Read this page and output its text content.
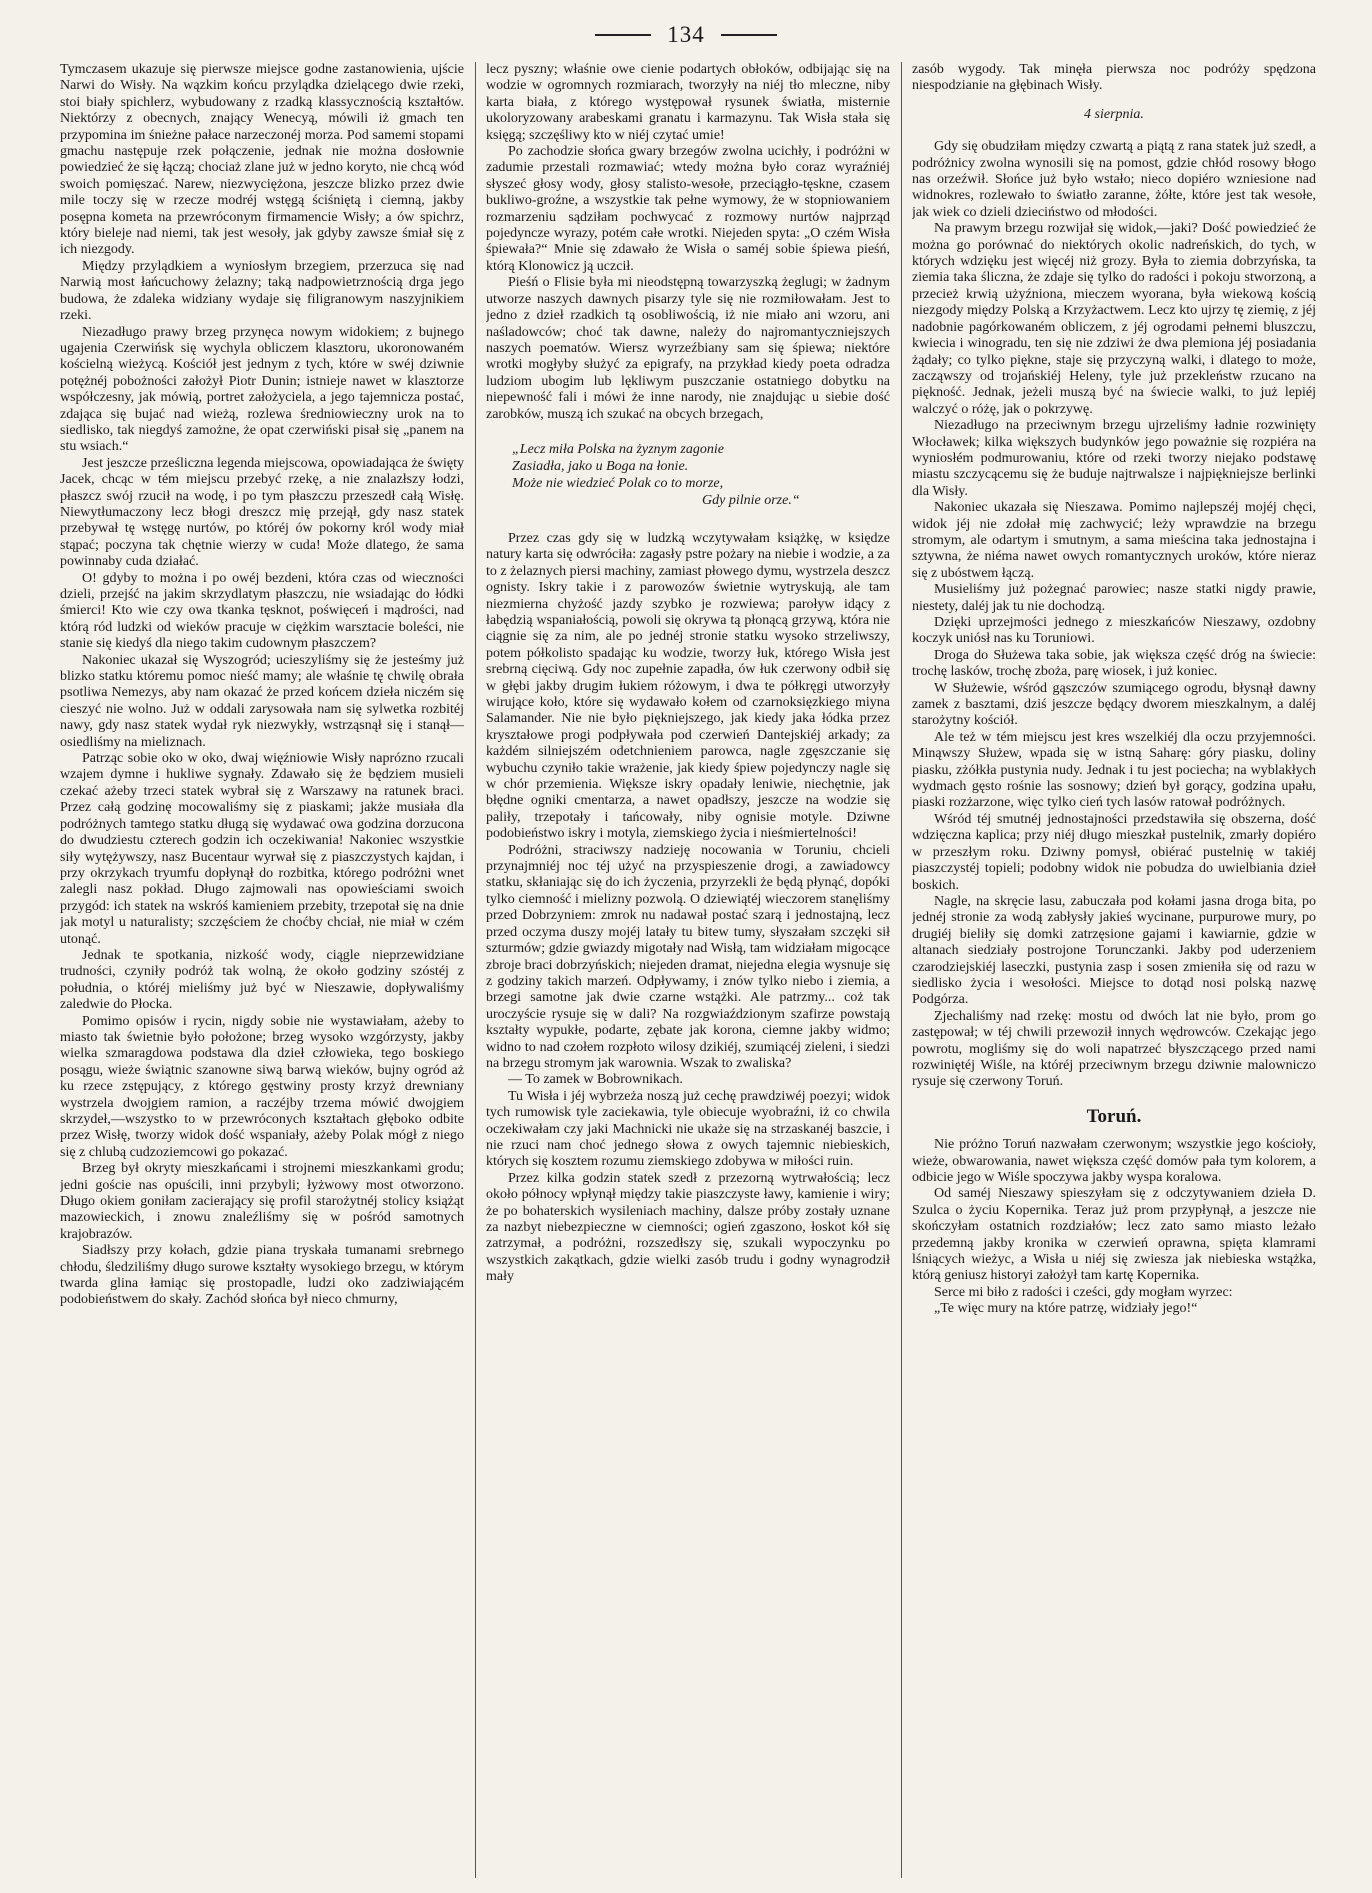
134

Tymczasem ukazuje się pierwsze miejsce godne zastanowienia, ujście Narwi do Wisły. Na wązkim końcu przylądka dzielącego dwie rzeki, stoi biały spichlerz, wybudowany z rzadką klassycznością kształtów. Niektórzy z obecnych, znający Wenecyą, mówili iż gmach ten przypomina im śnieżne pałace narzeczonéj morza. Pod samemi stopami gmachu następuje rzek połączenie, jednak nie można dosłownie powiedzieć że się łączą; chociaż zlane już w jedno koryto, nie chcą wód swoich pomięszać. Narew, niezwyciężona, jeszcze blizko przez dwie mile toczy się w rzecze modréj wstęgą ściśniętą i ciemną, jakby posępna kometa na przewróconym firmamencie Wisły; a ów spichrz, który bieleje nad niemi, tak jest wesoły, jak gdyby zawsze śmiał się z ich niezgody.

Między przylądkiem a wyniosłym brzegiem, przerzuca się nad Narwią most łańcuchowy żelazny; taką nadpowietrznością drga jego budowa, że zdaleka widziany wydaje się filigranowym naszyjnikiem rzeki.

Niezadługo prawy brzeg przynęca nowym widokiem; z bujnego ugajenia Czerwińsk się wychyla obliczem klasztoru, ukoronowaném kościelną wieżycą. Kościół jest jednym z tych, które w swéj dziwnie potężnéj pobożności założył Piotr Dunin; istnieje nawet w klasztorze współczesny, jak mówią, portret założyciela, a jego tajemnicza postać, zdająca się bujać nad wieżą, rozlewa średniowieczny urok na to siedlisko, tak niegdyś zamożne, że opat czerwiński pisał się „panem na stu wsiach.“

Jest jeszcze prześliczna legenda miejscowa, opowiadająca że święty Jacek, chcąc w tém miejscu przebyć rzekę, a nie znalazłszy łodzi, płaszcz swój rzucił na wodę, i po tym płaszczu przeszedł całą Wisłę. Niewytłumaczony lecz błogi dreszcz mię przejął, gdy nasz statek przebywał tę wstęgę nurtów, po któréj ów pokorny król wody miał stąpać; poczyna tak chętnie wierzy w cuda! Może dlatego, że sama powinnaby cuda działać.

O! gdyby to można i po owéj bezdeni, która czas od wieczności dzieli, przejść na jakim skrzydlatym płaszczu, nie wsiadając do łódki śmierci! Kto wie czy owa tkanka tęsknot, poświęceń i mądrości, nad którą ród ludzki od wieków pracuje w ciężkim warsztacie boleści, nie stanie się kiedyś dla niego takim cudownym płaszczem?

Nakoniec ukazał się Wyszogród; ucieszyliśmy się że jesteśmy już blizko statku któremu pomoc nieść mamy; ale właśnie tę chwilę obrała psotliwa Nemezys, aby nam okazać że przed końcem dzieła niczém się cieszyć nie wolno. Już w oddali zarysowała nam się sylwetka rozbitéj nawy, gdy nasz statek wydał ryk niezwykły, wstrząsnął się i stanął—osiedliśmy na mieliznach.

Patrząc sobie oko w oko, dwaj więźniowie Wisły naprózno rzucali wzajem dymne i hukliwe sygnały. Zdawało się że będziem musieli czekać ażeby trzeci statek wybrał się z Warszawy na ratunek braci. Przez całą godzinę mocowaliśmy się z piaskami; jakże musiała dla podróżnych tamtego statku długą się wydawać owa godzina dorzucona do dwudziestu czterech godzin ich oczekiwania! Nakoniec wszystkie siły wytężywszy, nasz Bucentaur wyrwał się z piaszczystych kajdan, i przy okrzykach tryumfu dopłynął do rozbitka, którego podróżni wnet zalegli nasz pokład. Długo zajmowali nas opowieściami swoich przygód: ich statek na wskróś kamieniem przebity, trzepotał się na dnie jak motyl u naturalisty; szczęściem że choćby chciał, nie miał w czém utonąć.

Jednak te spotkania, nizkość wody, ciągle nieprzewidziane trudności, czyniły podróż tak wolną, że około godziny szóstéj z południa, o któréj mieliśmy już być w Nieszawie, dopływaliśmy zaledwie do Płocka.

Pomimo opisów i rycin, nigdy sobie nie wystawiałam, ażeby to miasto tak świetnie było położone; brzeg wysoko wzgórzysty, jakby wielka szmaragdowa podstawa dla dzieł człowieka, tego boskiego posągu, wieże świątnic szanowne siwą barwą wieków, bujny ogród aż ku rzece zstępujący, z którego gęstwiny prosty krzyż drewniany wystrzela dwojgiem ramion, a raczéjby trzema mówić dwojgiem skrzydeł,—wszystko to w przewróconych kształtach głęboko odbite przez Wisłę, tworzy widok dość wspaniały, ażeby Polak mógł z niego się z chlubą cudzoziemcowi go pokazać.

Brzeg był okryty mieszkańcami i strojnemi mieszkankami grodu; jedni goście nas opuścili, inni przybyli; łyżwowy most otworzono. Długo okiem goniłam zacierający się profil starożytnéj stolicy książąt mazowieckich, i znowu znaleźliśmy się w pośród samotnych krajobrazów.

Siadłszy przy kołach, gdzie piana tryskała tumanami srebrnego chłodu, śledziliśmy długo surowe kształty wysokiego brzegu, w którym twarda glina łamiąc się prostopadle, ludzi oko zadziwiającém podobieństwem do skały. Zachód słońca był nieco chmurny,

lecz pyszny; właśnie owe cienie podartych obłoków, odbijając się na wodzie w ogromnych rozmiarach, tworzyły na niéj tło mleczne, niby karta biała, z którego występował rysunek światła, misternie ukoloryzowany arabeskami granatu i karmazynu. Tak Wisła stała się księgą; szczęśliwy kto w niéj czytać umie!

Po zachodzie słońca gwary brzegów zwolna ucichły, i podróżni w zadumie przestali rozmawiać; wtedy można było coraz wyraźniéj słyszeć głosy wody, głosy stalisto-wesołe, przeciągło-tęskne, czasem bukliwo-groźne, a wszystkie tak pełne wymowy, że w stopniowaniem rozmarzeniu sądziłam pochwycać z rozmowy nurtów najprząd pojedyncze wyrazy, potém całe wrotki. Niejeden spyta: „O czém Wisła śpiewała?“ Mnie się zdawało że Wisła o saméj sobie śpiewa pieśń, którą Klonowicz ją uczcił.

Pieśń o Flisie była mi nieodstępną towarzyszką żeglugi; w żadnym utworze naszych dawnych pisarzy tyle się nie rozmiłowałam. Jest to jedno z dzieł rzadkich tą osobliwością, iż nie miało ani wzoru, ani naśladowców; choć tak dawne, należy do najromantyczniejszych naszych poematów. Wiersz wyrzeźbiany sam się śpiewa; niektóre wrotki mogłyby służyć za epigrafy, na przykład kiedy poeta odradza ludziom ubogim lub lękliwym puszczanie ostatniego dobytku na niepewność fali i mówi że inne narody, nie znajdując u siebie dość zarobków, muszą ich szukać na obcych brzegach,

„Lecz miła Polska na żyznym zagonie
Zasiadła, jako u Boga na łonie.
Może nie wiedzieć Polak co to morze,
Gdy pilnie orze.“

Przez czas gdy się w ludzką wczytywałam książkę, w księdze natury karta się odwróciła: zagasły pstre pożary na niebie i wodzie, a za to z żelaznych piersi machiny, zamiast płowego dymu, wystrzela deszcz ognisty. Iskry takie i z parowozów świetnie wytryskują, ale tam niezmierna chyżość jazdy szybko je rozwiewa; paroływ idący z łabędzią wspaniałością, powoli się okrywa tą płonącą grzywą, która nie ciągnie się za nim, ale po jednéj stronie statku wysoko strzeliwszy, potem półkolisto spadając ku wodzie, tworzy łuk, którego Wisła jest srebrną cięciwą. Gdy noc zupełnie zapadła, ów łuk czerwony odbił się w głębi jakby drugim łukiem różowym, i dwa te półkręgi utworzyły wirujące koło, które się wydawało kołem od czarnoksięzkiego miyna Salamander. Nie nie było piękniejszego, jak kiedy jaka łódka przez kryształowe progi podpływała pod czerwień Dantejskiéj arkady; za każdém silniejszém odetchnieniem parowca, nagle zgęszczanie się wybuchu czyniło takie wrażenie, jak kiedy śpiew pojedynczy nagle się w chór przemienia. Większe iskry opadały leniwie, niechętnie, jak błędne ogniki cmentarza, a nawet opadłszy, jeszcze na wodzie się paliły, trzepotały i tańcowały, niby ognisie motyle. Dziwne podobieństwo iskry i motyla, ziemskiego życia i nieśmiertelności!

Podróżni, straciwszy nadzieję nocowania w Toruniu, chcieli przynajmniéj noc téj użyć na przyspieszenie drogi, a zawiadowcy statku, skłaniając się do ich życzenia, przyrzekli że będą płynąć, dopóki tylko ciemność i mielizny pozwolą. O dziewiątéj wieczorem stanęliśmy przed Dobrzyniem: zmrok nu nadawał postać szarą i jednostajną, lecz przed oczyma duszy mojéj latały tu bitew tumy, słyszałam szczęki sił szturmów; gdzie gwiazdy migotały nad Wisłą, tam widziałam migocące zbroje braci dobrzyńskich; niejeden dramat, niejedna elegia wysnuje się z godziny takich marzeń. Odpływamy, i znów tylko niebo i ziemia, a brzegi samotne jak dwie czarne wstążki. Ale patrzmy... coż tak uroczyście rysuje się w dali? Na rozgwiaździonym szafirze powstają kształty wypukłe, podarte, zębate jak korona, ciemne jakby widmo; widno to nad czołem rozpłoto wilosy dzikiéj, szumiącéj zieleni, i siedzi na brzegu stromym jak warownia. Wszak to zwaliska?

— To zamek w Bobrownikach.

Tu Wisła i jéj wybrzeża noszą już cechę prawdziwéj poezyi; widok tych rumowisk tyle zaciekawia, tyle obiecuje wyobraźni, iż co chwila oczekiwałam czy jaki Machnicki nie ukaże się na strzaskanéj baszcie, i nie rzuci nam choć jednego słowa z owych tajemnic niebieskich, których się kosztem rozumu ziemskiego zdobywa w miłości ruin.

Przez kilka godzin statek szedł z przezorną wytrwałością; lecz około północy wpłynął między takie piaszczyste ławy, kamienie i wiry; że po bohaterskich wysileniach machiny, dalsze próby zostały uznane za nazbyt niebezpieczne w ciemności; ogień zgaszono, łoskot kół się zatrzymał, a podróżni, rozszedłszy się, szukali wypoczynku po wszystkich zakątkach, gdzie wielki zasób trudu i godny wynagrodził mały

zasób wygody. Tak minęła pierwsza noc podróży spędzona niespodzianie na głębinach Wisły.

4 sierpnia.

Gdy się obudziłam między czwartą a piątą z rana statek już szedł, a podróżnicy zwolna wynosili się na pomost, gdzie chłód rosowy błogo nas orzeźwił. Słońce już było wstało; nieco dopiéro wzniesione nad widnokres, rozlewało to światło zaranne, żółte, które jest tak wesołe, jak wiek co dzieli dzieciństwo od młodości.

Na prawym brzegu rozwijał się widok,—jaki? Dość powiedzieć że można go porównać do niektórych okolic nadreńskich, do tych, w których wdzięku jest więcéj niż grozy. Była to ziemia dobrzyńska, ta ziemia taka śliczna, że zdaje się tylko do radości i pokoju stworzoną, a przecież krwią użyźniona, mieczem wyorana, była wiekową kością niezgody między Polską a Krzyżactwem. Lecz kto ujrzy tę ziemię, z jéj nadobnie pagórkowaném obliczem, z jéj ogrodami pełnemi bluszczu, kwiecia i winogradu, ten się nie zdziwi że dwa plemiona jéj posiadania żądały; co tylko piękne, staje się przyczyną walki, i dlatego to może, zacząwszy od trojańskiéj Heleny, tyle już przekleństw rzucano na piękność. Jednak, jeżeli muszą być na świecie walki, to już lepiéj walczyć o różę, jak o pokrzywę.

Niezadługo na przeciwnym brzegu ujrzeliśmy ładnie rozwinięty Włocławek; kilka większych budynków jego poważnie się rozpiéra na wyniosłém podmurowaniu, które od rzeki tworzy niejako podstawę miastu szczycącemu się że buduje najtrwalsze i najpiękniejsze berlinki dla Wisły.

Nakoniec ukazała się Nieszawa. Pomimo najlepszéj mojéj chęci, widok jéj nie zdołał mię zachwycić; leży wprawdzie na brzegu stromym, ale odartym i smutnym, a sama mieścina taka jednostajna i sztywna, że niéma nawet owych romantycznych uroków, które nieraz się z ubóstwem łączą.

Musieliśmy już pożegnać parowiec; nasze statki nigdy prawie, niestety, daléj jak tu nie dochodzą.

Dzięki uprzejmości jednego z mieszkańców Nieszawy, ozdobny koczyk uniósł nas ku Toruniowi.

Droga do Służewa taka sobie, jak większa część dróg na świecie: trochę lasków, trochę zboża, parę wiosek, i już koniec.

W Służewie, wśród gąszczów szumiącego ogrodu, błysnął dawny zamek z basztami, dziś jeszcze będący dworem mieszkalnym, a daléj starożytny kościół.

Ale też w tém miejscu jest kres wszelkiéj dla oczu przyjemności. Minąwszy Służew, wpada się w istną Saharę: góry piasku, doliny piasku, zżółkła pustynia nudy. Jednak i tu jest pociecha; na wyblakłych wydmach gęsto rośnie las sosnowy; dzień był gorący, godzina upału, piaski rozżarzone, więc tylko cień tych lasów ratował podróżnych.

Wśród téj smutnéj jednostajności przedstawiła się obszerna, dość wdzięczna kaplica; przy niéj długo mieszkał pustelnik, zmarły dopiéro w przeszłym roku. Dziwny pomysł, obiérać pustelnię w takiéj piaszczystéj topieli; podobny widok nie pobudza do uwielbiania dzieł boskich.

Nagle, na skręcie lasu, zabuczała pod kołami jasna droga bita, po jednéj stronie za wodą zabłysły jakieś wycinane, purpurowe mury, po drugiéj bieliły się domki zatrzęsione gajami i kawiarnie, gdzie w altanach siedziały postrojone Torunczanki. Jakby pod uderzeniem czarodziejskiéj laseczki, pustynia zasp i sosen zmieniła się od razu w siedlisko życia i wesołości. Miejsce to dotąd nosi polską nazwę Podgórza.

Zjechaliśmy nad rzekę: mostu od dwóch lat nie było, prom go zastępował; w téj chwili przewoził innych wędrowców. Czekając jego powrotu, mogliśmy się do woli napatrzeć błyszczącego przed nami rozwiniętéj Wiśle, na któréj przeciwnym brzegu dziwnie malowniczo rysuje się czerwony Toruń.

Toruń.

Nie próżno Toruń nazwałam czerwonym; wszystkie jego kościoły, wieże, obwarowania, nawet większa część domów pała tym kolorem, a odbicie jego w Wiśle spoczywa jakby wyspa koralowa.

Od saméj Nieszawy spieszyłam się z odczytywaniem dzieła D. Szulca o życiu Kopernika. Teraz już prom przypłynął, a jeszcze nie skończyłam ostatnich rozdziałów; lecz zato samo miasto leżało przedemną jakby kronika w czerwień oprawna, spięta klamrami lśniących wieżyc, a Wisła u niéj się zwiesza jak niebieska wstążka, którą geniusz historyi założył tam kartę Kopernika.

Serce mi biło z radości i cześci, gdy mogłam wyrzec:

„Te więc mury na które patrzę, widziały jego!“
